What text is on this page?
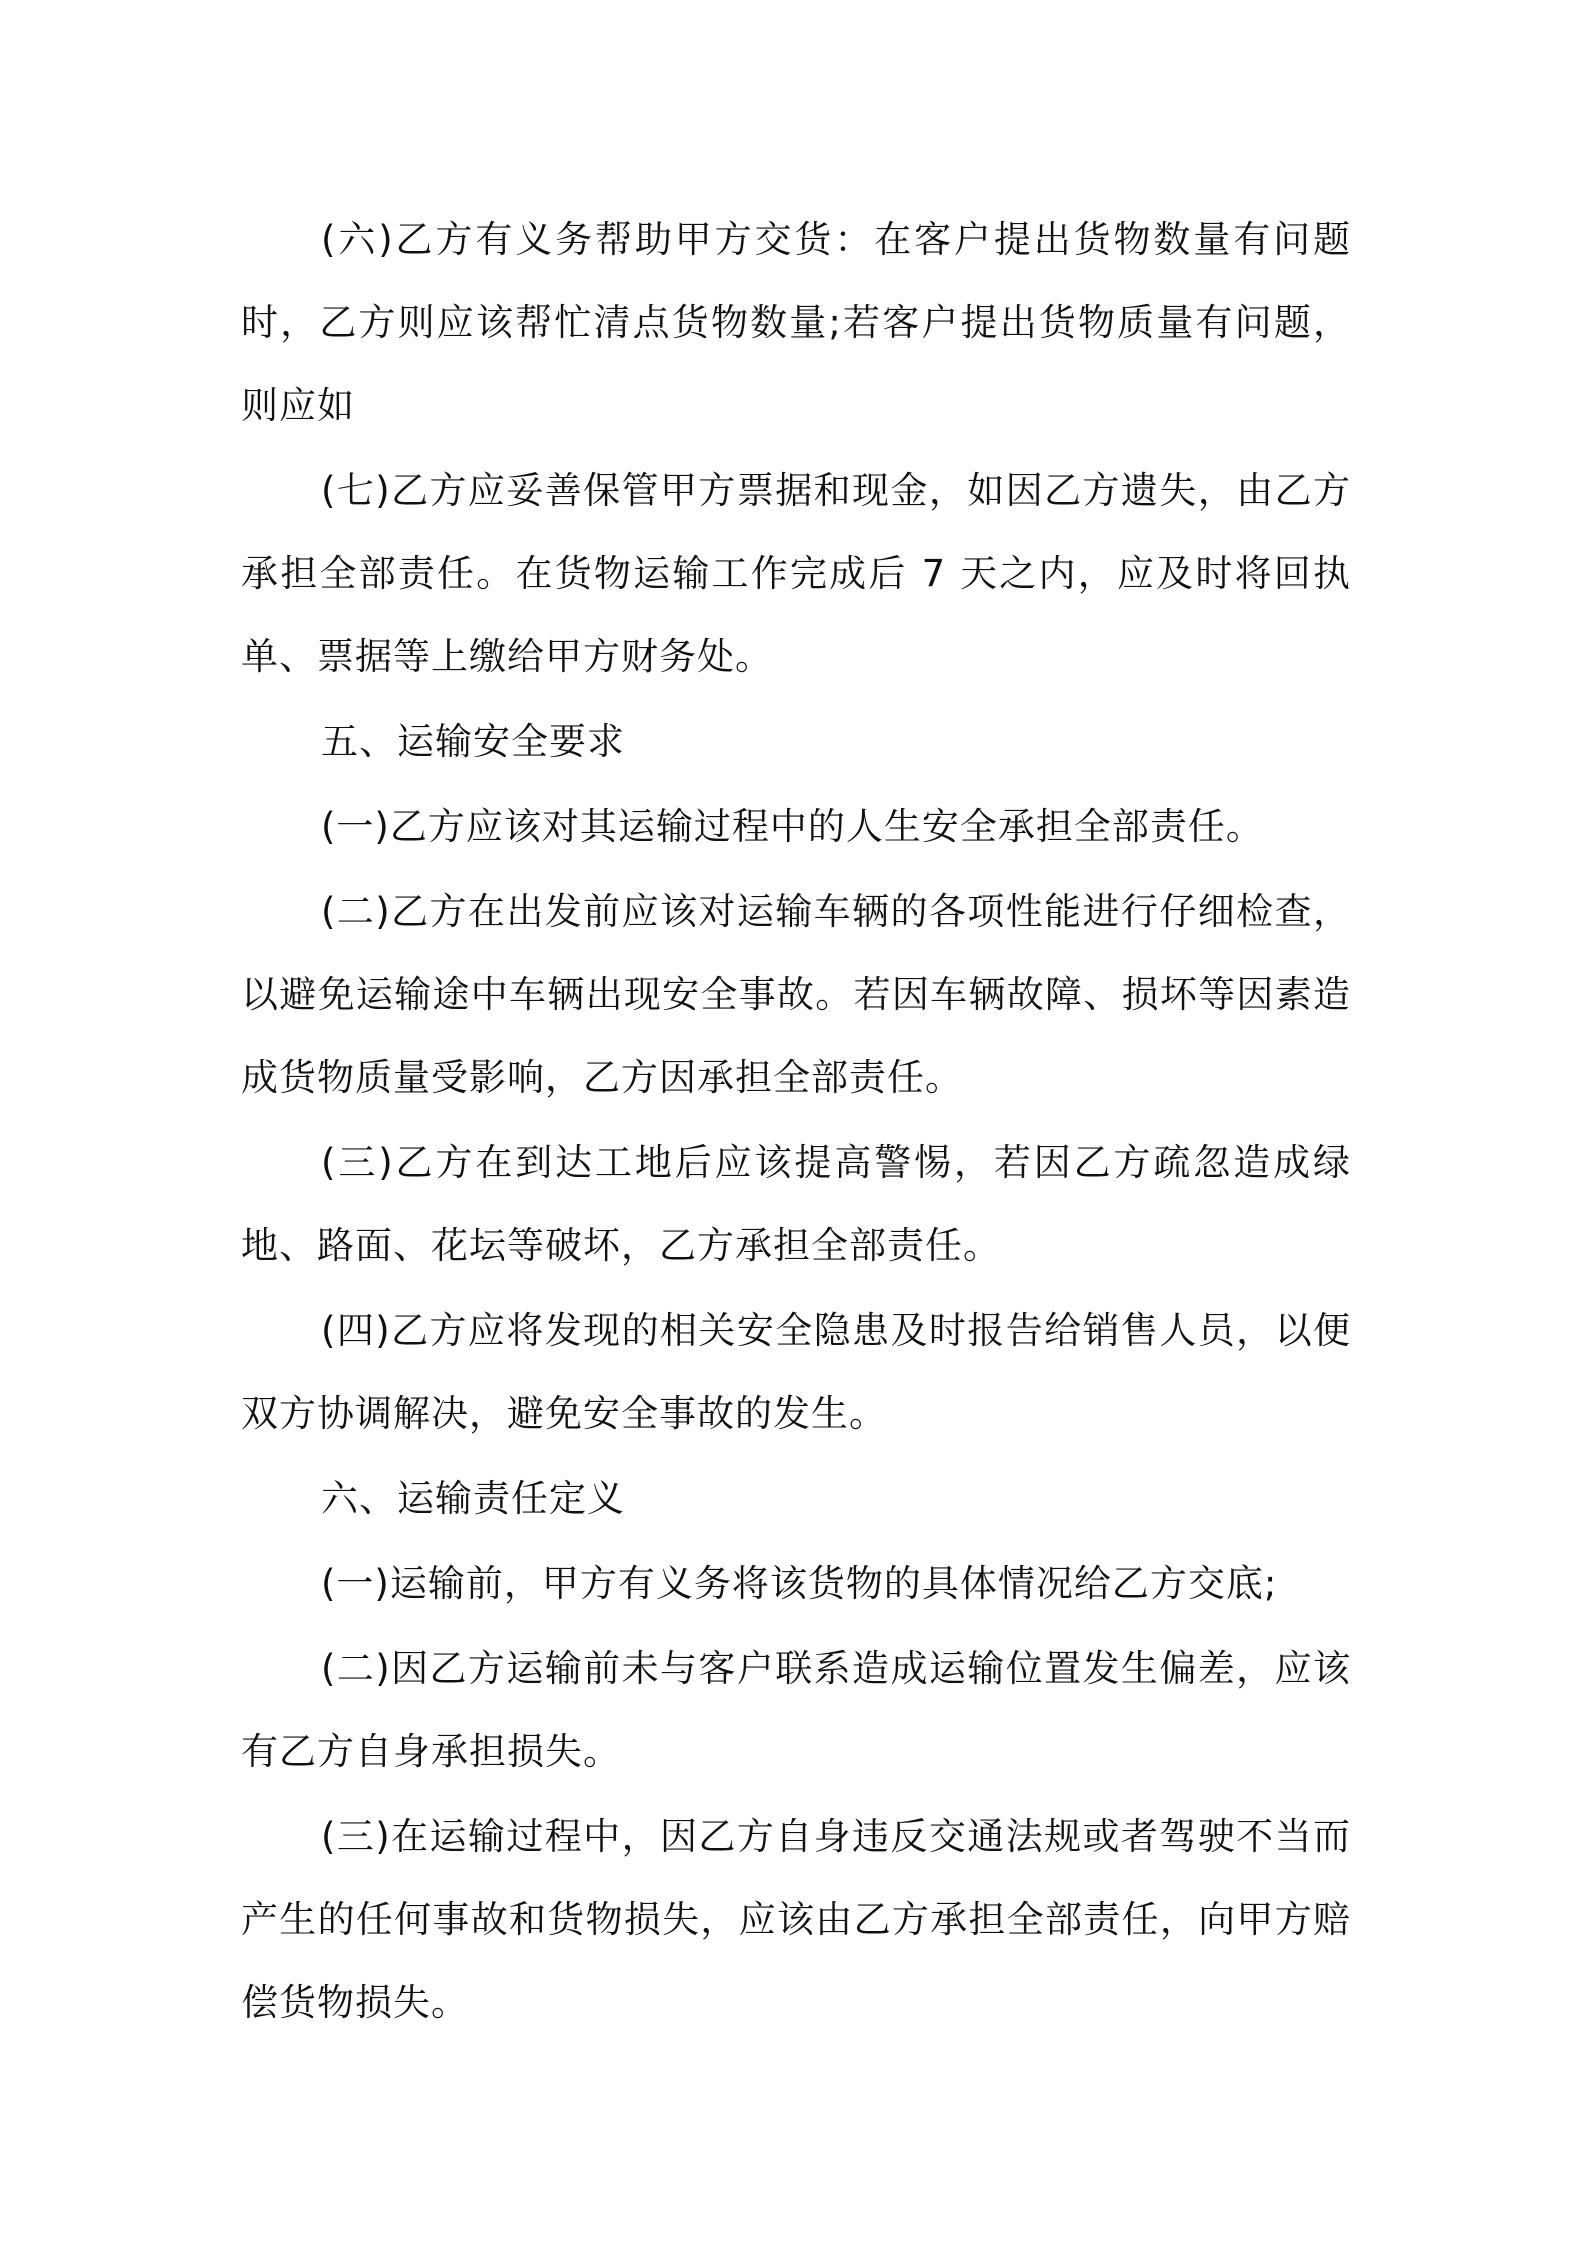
(六)乙方有义务帮助甲方交货：在客户提出货物数量有问题时，乙方则应该帮忙清点货物数量;若客户提出货物质量有问题，则应如

(七)乙方应妥善保管甲方票据和现金，如因乙方遗失，由乙方承担全部责任。在货物运输工作完成后 7 天之内，应及时将回执单、票据等上缴给甲方财务处。

五、运输安全要求

(一)乙方应该对其运输过程中的人生安全承担全部责任。

(二)乙方在出发前应该对运输车辆的各项性能进行仔细检查，以避免运输途中车辆出现安全事故。若因车辆故障、损坏等因素造成货物质量受影响，乙方因承担全部责任。

(三)乙方在到达工地后应该提高警惕，若因乙方疏忽造成绿地、路面、花坛等破坏，乙方承担全部责任。

(四)乙方应将发现的相关安全隐患及时报告给销售人员，以便双方协调解决，避免安全事故的发生。

六、运输责任定义

(一)运输前，甲方有义务将该货物的具体情况给乙方交底;

(二)因乙方运输前未与客户联系造成运输位置发生偏差，应该有乙方自身承担损失。

(三)在运输过程中，因乙方自身违反交通法规或者驾驶不当而产生的任何事故和货物损失，应该由乙方承担全部责任，向甲方赔偿货物损失。
